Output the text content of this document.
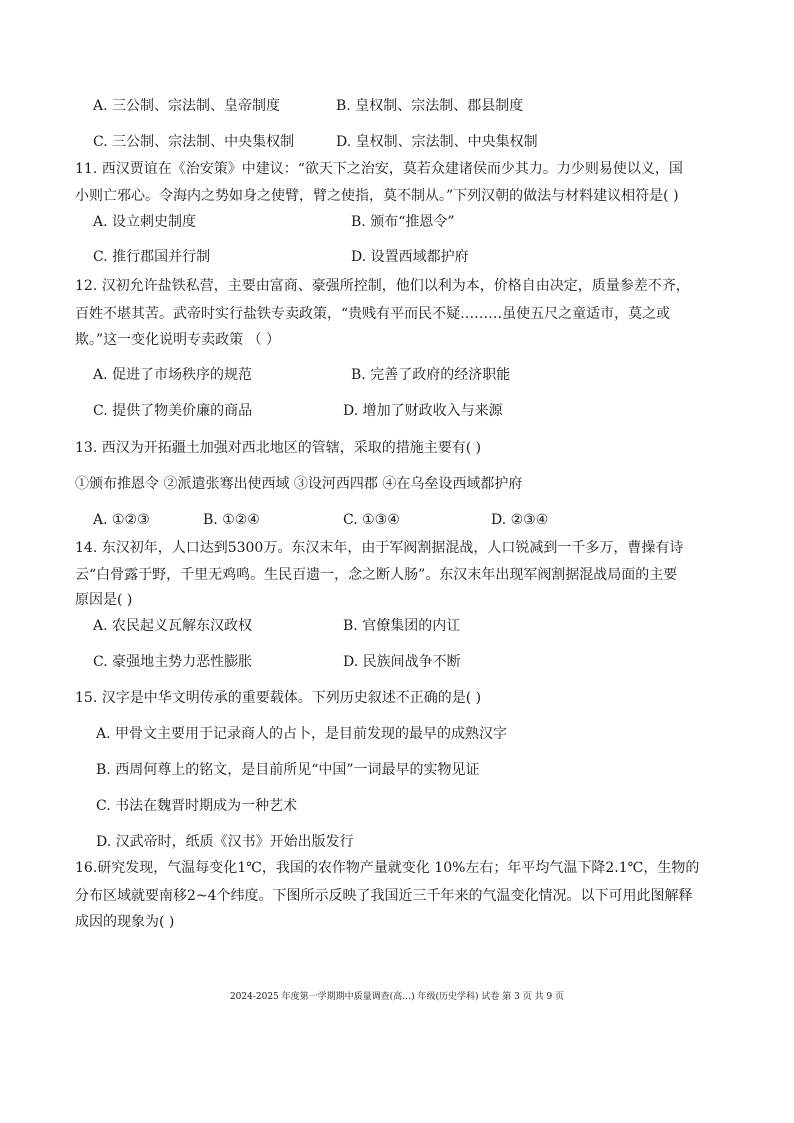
A. 三公制、宗法制、皇帝制度	B. 皇权制、宗法制、郡县制度
C. 三公制、宗法制、中央集权制	D. 皇权制、宗法制、中央集权制
11. 西汉贾谊在《治安策》中建议：“欲天下之治安，莫若众建诸侯而少其力。力少则易使以义，国
小则亡邪心。令海内之势如身之使臂，臂之使指，莫不制从。”下列汉朝的做法与材料建议相符是( )
A. 设立刺史制度	B. 颁布“推恩令”
C. 推行郡国并行制	D. 设置西域都护府
12. 汉初允许盐铁私营，主要由富商、豪强所控制，他们以利为本，价格自由决定，质量参差不齐，
百姓不堪其苦。武帝时实行盐铁专卖政策，“贵贱有平而民不疑………虽使五尺之童适市，莫之或
欺。”这一变化说明专卖政策 （ ）
A. 促进了市场秩序的规范	B. 完善了政府的经济职能
C. 提供了物美价廉的商品	D. 增加了财政收入与来源
13. 西汉为开拓疆土加强对西北地区的管辖，采取的措施主要有( )
①颁布推恩令 ②派遣张骞出使西域 ③设河西四郡 ④在乌垒设西域都护府
A. ①②③	B. ①②④	C. ①③④	D. ②③④
14. 东汉初年，人口达到5300万。东汉末年，由于军阀割据混战，人口锐减到一千多万，曹操有诗
云“白骨露于野，千里无鸡鸣。生民百遗一，念之断人肠”。东汉末年出现军阀割据混战局面的主要
原因是( )
A. 农民起义瓦解东汉政权	B. 官僚集团的内讧
C. 豪强地主势力恶性膨胀	D. 民族间战争不断
15. 汉字是中华文明传承的重要载体。下列历史叙述不正确的是( )
A. 甲骨文主要用于记录商人的占卜，是目前发现的最早的成熟汉字
B. 西周何尊上的铭文，是目前所见“中国”一词最早的实物见证
C. 书法在魏晋时期成为一种艺术
D. 汉武帝时，纸质《汉书》开始出版发行
16.研究发现，气温每变化1℃，我国的农作物产量就变化 10%左右；年平均气温下降2.1℃，生物的
分布区域就要南移2~4个纬度。下图所示反映了我国近三千年来的气温变化情况。以下可用此图解释
成因的现象为( )
2024-2025 年度第一学期期中质量调查(高…) 年级(历史学科) 试卷 第 3 页 共 9 页
